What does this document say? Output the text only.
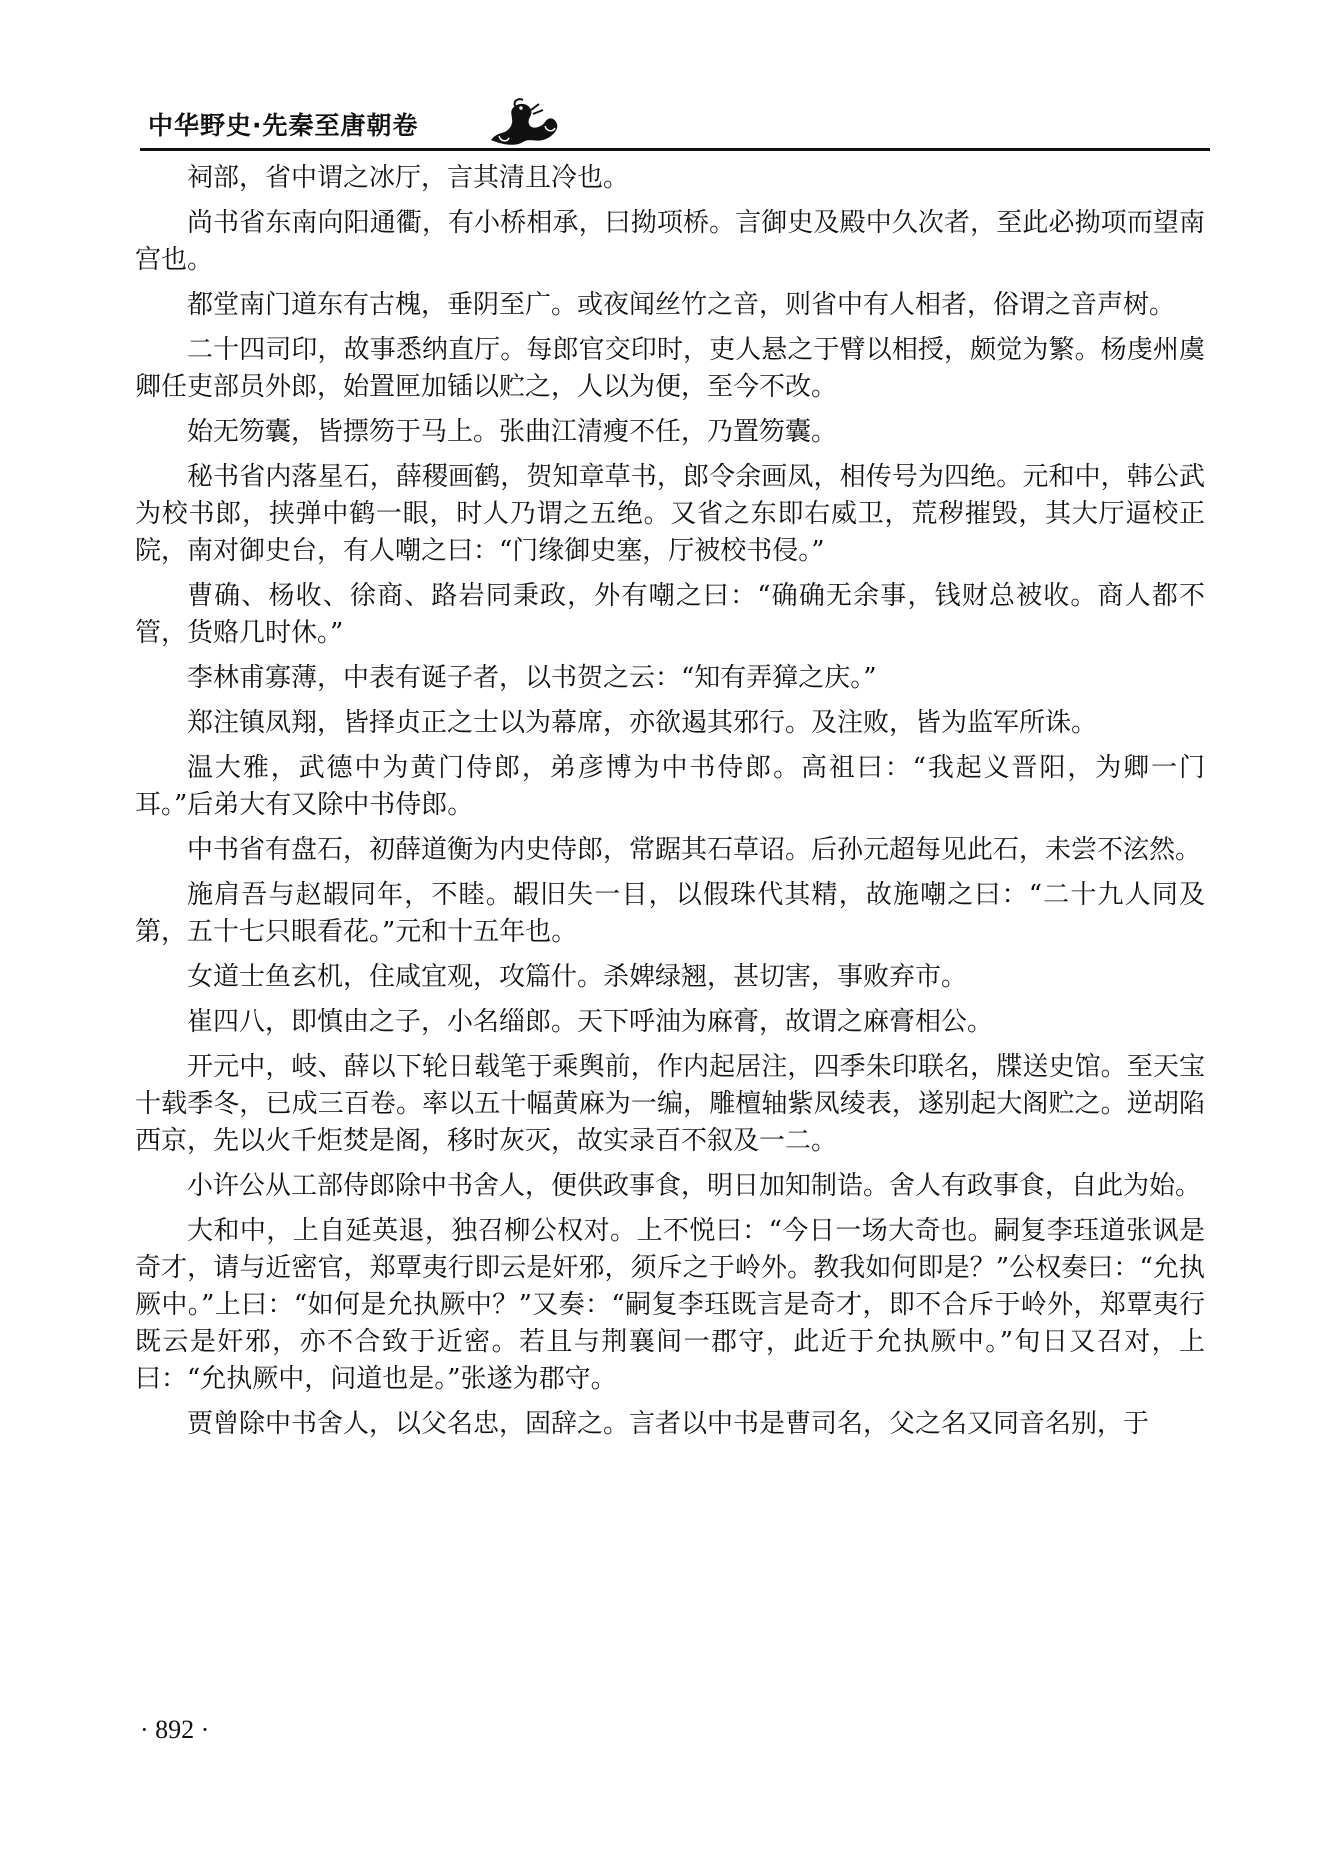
中华野史·先秦至唐朝卷

祠部，省中谓之冰厅，言其清且冷也。

尚书省东南向阳通衢，有小桥相承，曰拗项桥。言御史及殿中久次者，至此必拗项而望南宫也。

都堂南门道东有古槐，垂阴至广。或夜闻丝竹之音，则省中有人相者，俗谓之音声树。

二十四司印，故事悉纳直厅。每郎官交印时，吏人悬之于臂以相授，颇觉为繁。杨虔州虞卿任吏部员外郎，始置匣加锸以贮之，人以为便，至今不改。

始无笏囊，皆摽笏于马上。张曲江清瘦不任，乃置笏囊。

秘书省内落星石，薛稷画鹤，贺知章草书，郎令余画凤，相传号为四绝。元和中，韩公武为校书郎，挟弹中鹤一眼，时人乃谓之五绝。又省之东即右威卫，荒秽摧毁，其大厅逼校正院，南对御史台，有人嘲之曰：“门缘御史塞，厅被校书侵。”

曹确、杨收、徐商、路岩同秉政，外有嘲之曰：“确确无余事，钱财总被收。商人都不管，货赂几时休。”

李林甫寡薄，中表有诞子者，以书贺之云：“知有弄獐之庆。”

郑注镇凤翔，皆择贞正之士以为幕席，亦欲遏其邪行。及注败，皆为监军所诛。

温大雅，武德中为黄门侍郎，弟彦博为中书侍郎。高祖曰：“我起义晋阳，为卿一门耳。”后弟大有又除中书侍郎。

中书省有盘石，初薛道衡为内史侍郎，常踞其石草诏。后孙元超每见此石，未尝不泫然。

施肩吾与赵嘏同年，不睦。嘏旧失一目，以假珠代其精，故施嘲之曰：“二十九人同及第，五十七只眼看花。”元和十五年也。

女道士鱼玄机，住咸宜观，攻篇什。杀婢绿翘，甚切害，事败弃市。

崔四八，即慎由之子，小名缁郎。天下呼油为麻膏，故谓之麻膏相公。

开元中，岐、薛以下轮日载笔于乘舆前，作内起居注，四季朱印联名，牒送史馆。至天宝十载季冬，已成三百卷。率以五十幅黄麻为一编，雕檀轴紫凤绫表，遂别起大阁贮之。逆胡陷西京，先以火千炬焚是阁，移时灰灭，故实录百不叙及一二。

小许公从工部侍郎除中书舍人，便供政事食，明日加知制诰。舍人有政事食，自此为始。

大和中，上自延英退，独召柳公权对。上不悦曰：“今日一场大奇也。嗣复李珏道张讽是奇才，请与近密官，郑覃夷行即云是奸邪，须斥之于岭外。教我如何即是？”公权奏曰：“允执厥中。”上曰：“如何是允执厥中？”又奏：“嗣复李珏既言是奇才，即不合斥于岭外，郑覃夷行既云是奸邪，亦不合致于近密。若且与荆襄间一郡守，此近于允执厥中。”旬日又召对，上曰：“允执厥中，问道也是。”张遂为郡守。

贾曾除中书舍人，以父名忠，固辞之。言者以中书是曹司名，父之名又同音名别，于

· 892 ·
